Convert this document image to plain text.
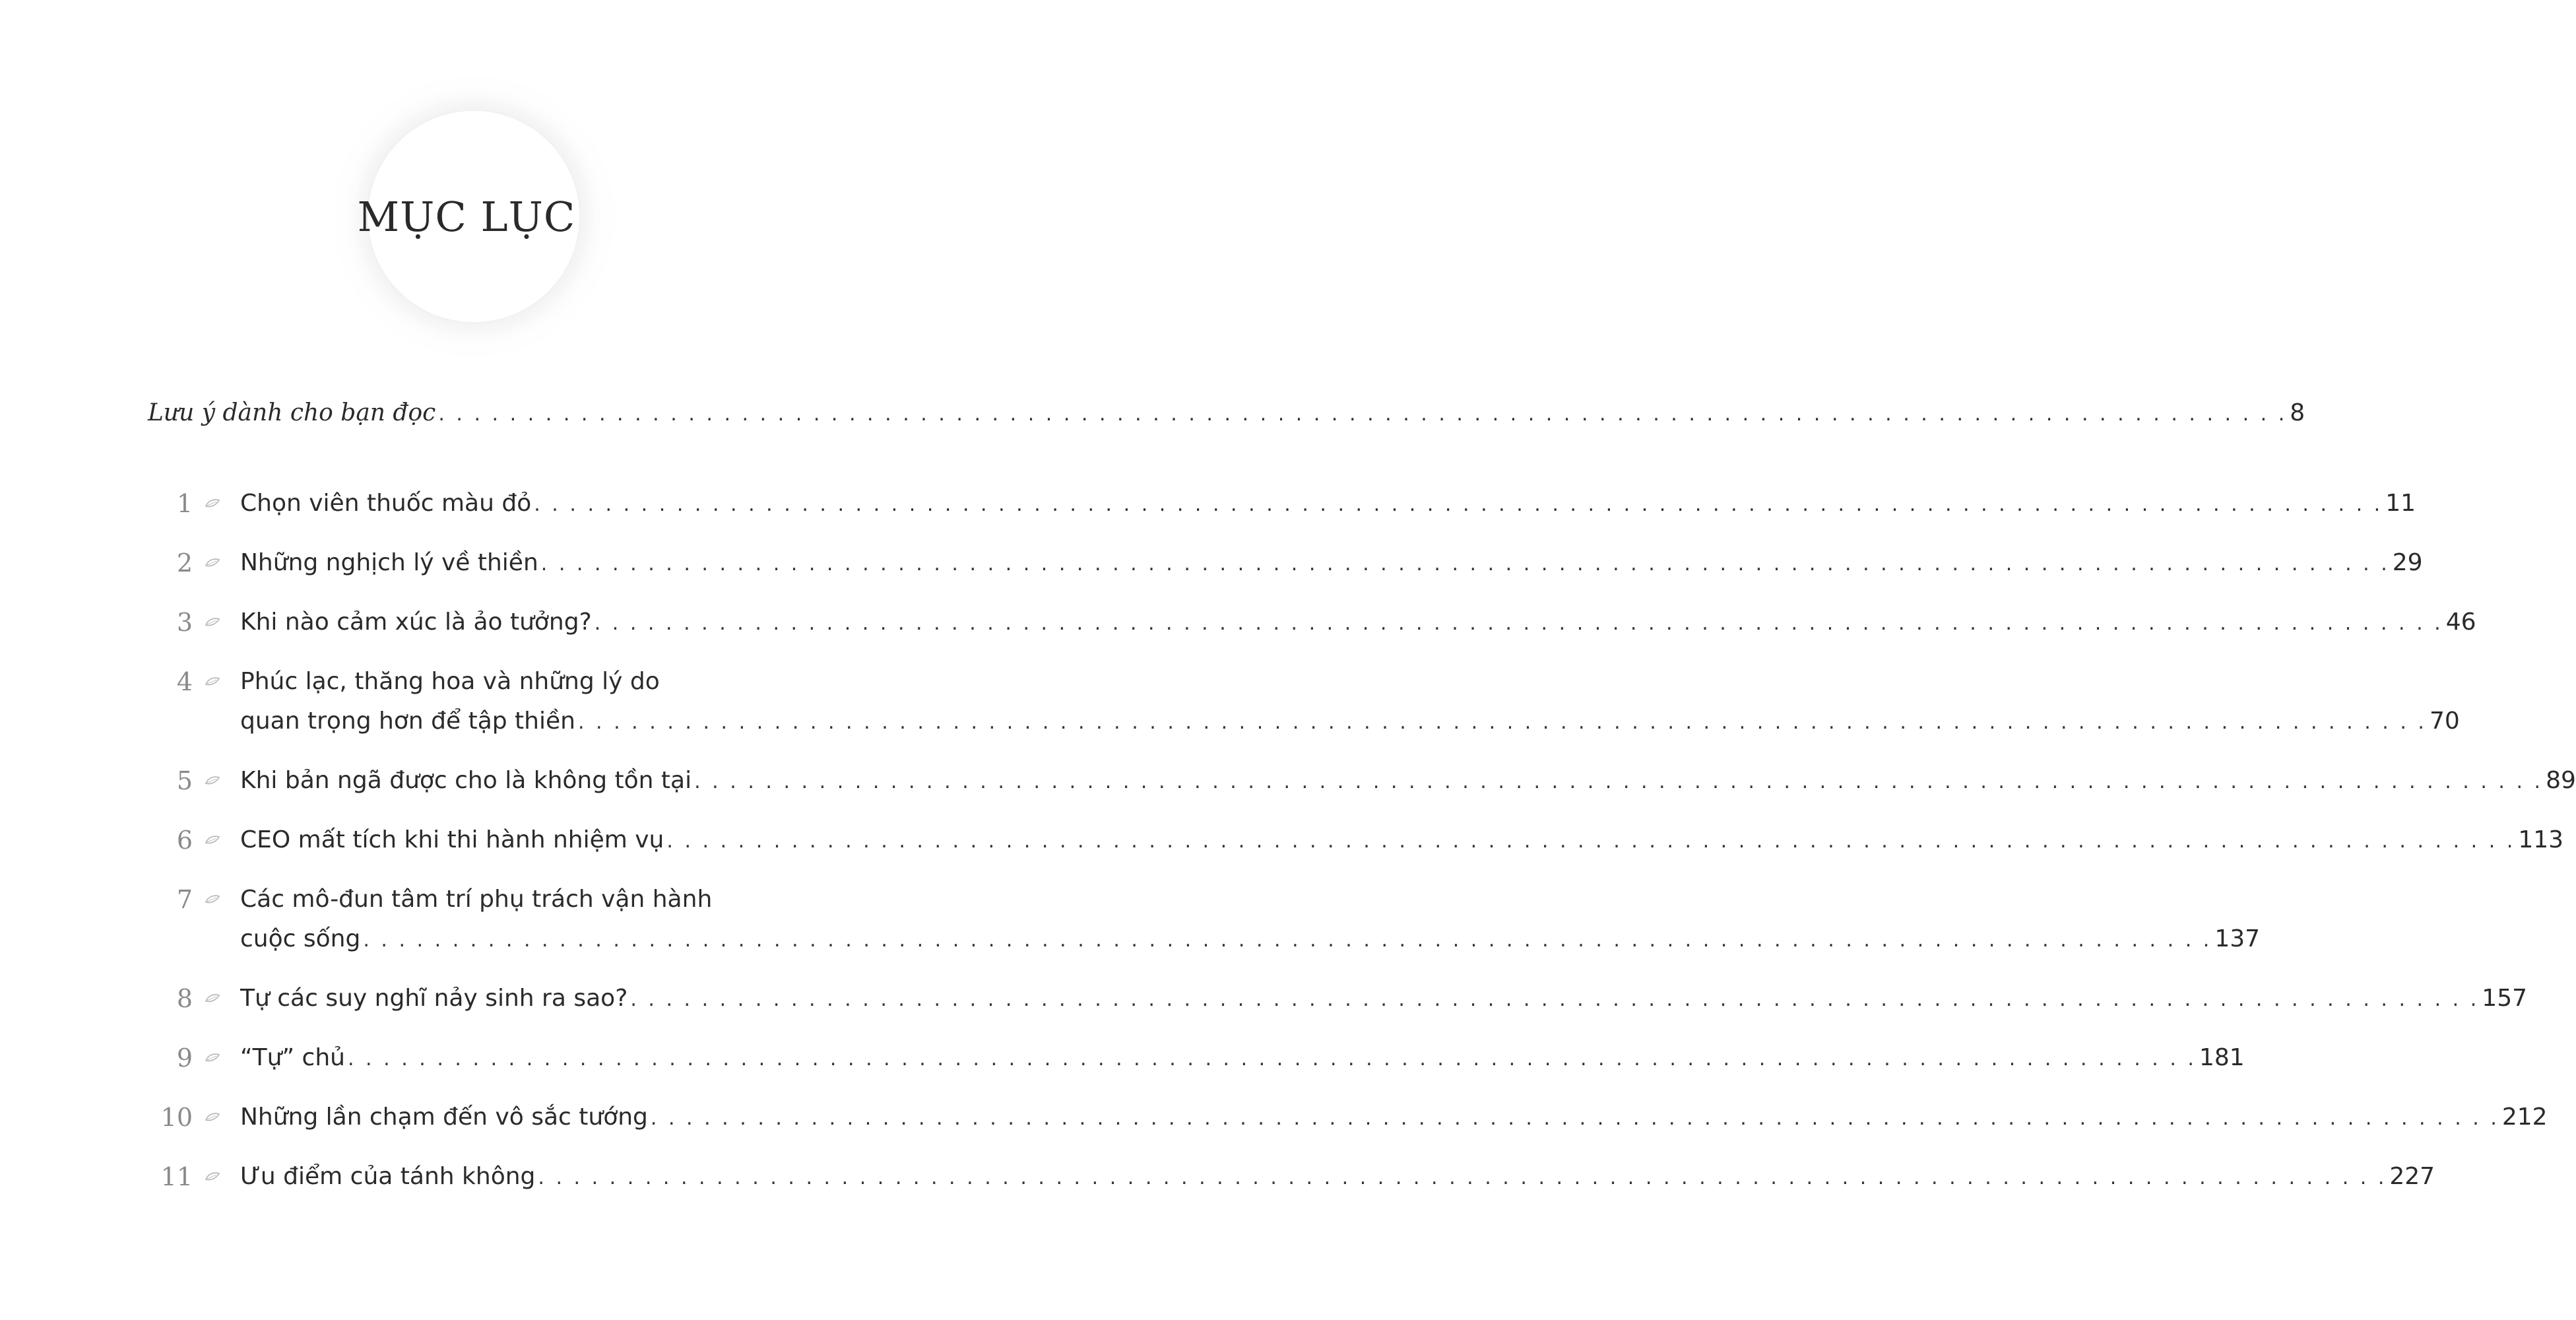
MỤC LỤC
Lưu ý dành cho bạn đọc . . . . . . . . . . . . . . . . . . . . . . . . . . . . . . . . . . . . . . . . . . . . . . . . . . . . . . . . . . . . . . . . . . . . . . . . . . . . . . . . . . . . . . . . . . . . . . . . . . . . . . . . 8
1 Chọn viên thuốc màu đỏ . . . . . . . . . . . . . . . . . . . . . . . . . . . . . . . . . . . . . . . . . . . . . . . . . . . . . . . . . . . . . . . . . . . . . . . . . . . . . . . . . . . . . . . . . . . . . . . . . . . . . . . . 11
2 Những nghịch lý về thiền . . . . . . . . . . . . . . . . . . . . . . . . . . . . . . . . . . . . . . . . . . . . . . . . . . . . . . . . . . . . . . . . . . . . . . . . . . . . . . . . . . . . . . . . . . . . . . . . . . . . . . . . 29
3 Khi nào cảm xúc là ảo tưởng? . . . . . . . . . . . . . . . . . . . . . . . . . . . . . . . . . . . . . . . . . . . . . . . . . . . . . . . . . . . . . . . . . . . . . . . . . . . . . . . . . . . . . . . . . . . . . . . . . . . . . . . . 46
4 Phúc lạc, thăng hoa và những lý do
quan trọng hơn để tập thiền . . . . . . . . . . . . . . . . . . . . . . . . . . . . . . . . . . . . . . . . . . . . . . . . . . . . . . . . . . . . . . . . . . . . . . . . . . . . . . . . . . . . . . . . . . . . . . . . . . . . . . . . 70
5 Khi bản ngã được cho là không tồn tại . . . . . . . . . . . . . . . . . . . . . . . . . . . . . . . . . . . . . . . . . . . . . . . . . . . . . . . . . . . . . . . . . . . . . . . . . . . . . . . . . . . . . . . . . . . . . . . . . . . . . . . . 89
6 CEO mất tích khi thi hành nhiệm vụ . . . . . . . . . . . . . . . . . . . . . . . . . . . . . . . . . . . . . . . . . . . . . . . . . . . . . . . . . . . . . . . . . . . . . . . . . . . . . . . . . . . . . . . . . . . . . . . . . . . . . . . . 113
7 Các mô-đun tâm trí phụ trách vận hành
cuộc sống . . . . . . . . . . . . . . . . . . . . . . . . . . . . . . . . . . . . . . . . . . . . . . . . . . . . . . . . . . . . . . . . . . . . . . . . . . . . . . . . . . . . . . . . . . . . . . . . . . . . . . . . 137
8 Tự các suy nghĩ nảy sinh ra sao? . . . . . . . . . . . . . . . . . . . . . . . . . . . . . . . . . . . . . . . . . . . . . . . . . . . . . . . . . . . . . . . . . . . . . . . . . . . . . . . . . . . . . . . . . . . . . . . . . . . . . . . . 157
9 “Tự” chủ . . . . . . . . . . . . . . . . . . . . . . . . . . . . . . . . . . . . . . . . . . . . . . . . . . . . . . . . . . . . . . . . . . . . . . . . . . . . . . . . . . . . . . . . . . . . . . . . . . . . . . . . 181
10 Những lần chạm đến vô sắc tướng . . . . . . . . . . . . . . . . . . . . . . . . . . . . . . . . . . . . . . . . . . . . . . . . . . . . . . . . . . . . . . . . . . . . . . . . . . . . . . . . . . . . . . . . . . . . . . . . . . . . . . . . 212
11 Ưu điểm của tánh không . . . . . . . . . . . . . . . . . . . . . . . . . . . . . . . . . . . . . . . . . . . . . . . . . . . . . . . . . . . . . . . . . . . . . . . . . . . . . . . . . . . . . . . . . . . . . . . . . . . . . . . . 227
